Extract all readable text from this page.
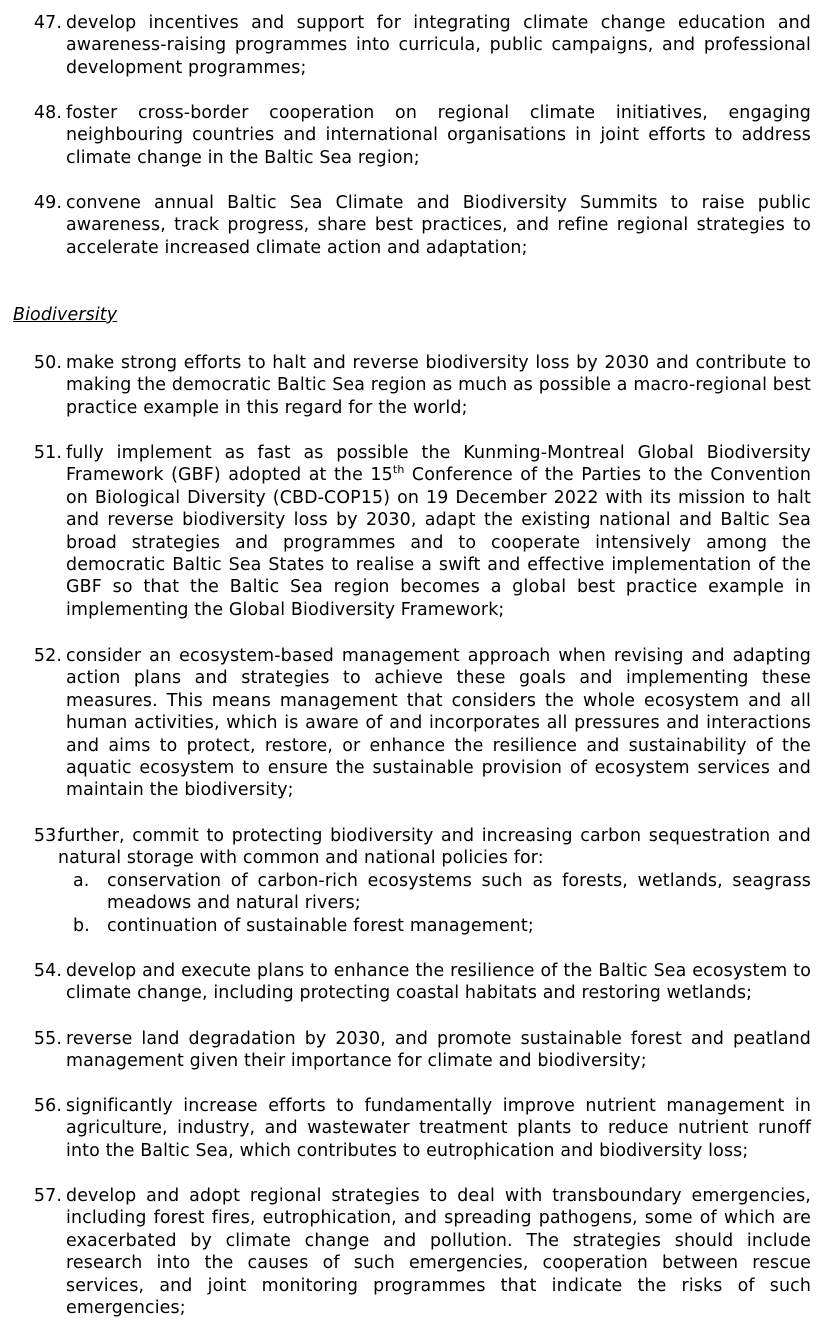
47. develop incentives and support for integrating climate change education and awareness-raising programmes into curricula, public campaigns, and professional development programmes;
48. foster cross-border cooperation on regional climate initiatives, engaging neighbouring countries and international organisations in joint efforts to address climate change in the Baltic Sea region;
49. convene annual Baltic Sea Climate and Biodiversity Summits to raise public awareness, track progress, share best practices, and refine regional strategies to accelerate increased climate action and adaptation;
Biodiversity
50. make strong efforts to halt and reverse biodiversity loss by 2030 and contribute to making the democratic Baltic Sea region as much as possible a macro-regional best practice example in this regard for the world;
51. fully implement as fast as possible the Kunming-Montreal Global Biodiversity Framework (GBF) adopted at the 15th Conference of the Parties to the Convention on Biological Diversity (CBD-COP15) on 19 December 2022 with its mission to halt and reverse biodiversity loss by 2030, adapt the existing national and Baltic Sea broad strategies and programmes and to cooperate intensively among the democratic Baltic Sea States to realise a swift and effective implementation of the GBF so that the Baltic Sea region becomes a global best practice example in implementing the Global Biodiversity Framework;
52. consider an ecosystem-based management approach when revising and adapting action plans and strategies to achieve these goals and implementing these measures. This means management that considers the whole ecosystem and all human activities, which is aware of and incorporates all pressures and interactions and aims to protect, restore, or enhance the resilience and sustainability of the aquatic ecosystem to ensure the sustainable provision of ecosystem services and maintain the biodiversity;
53.
further, commit to protecting biodiversity and increasing carbon sequestration and natural storage with common and national policies for:
a. conservation of carbon-rich ecosystems such as forests, wetlands, seagrass meadows and natural rivers;
b. continuation of sustainable forest management;
54. develop and execute plans to enhance the resilience of the Baltic Sea ecosystem to climate change, including protecting coastal habitats and restoring wetlands;
55. reverse land degradation by 2030, and promote sustainable forest and peatland management given their importance for climate and biodiversity;
56. significantly increase efforts to fundamentally improve nutrient management in agriculture, industry, and wastewater treatment plants to reduce nutrient runoff into the Baltic Sea, which contributes to eutrophication and biodiversity loss;
57. develop and adopt regional strategies to deal with transboundary emergencies, including forest fires, eutrophication, and spreading pathogens, some of which are exacerbated by climate change and pollution. The strategies should include research into the causes of such emergencies, cooperation between rescue services, and joint monitoring programmes that indicate the risks of such emergencies;
